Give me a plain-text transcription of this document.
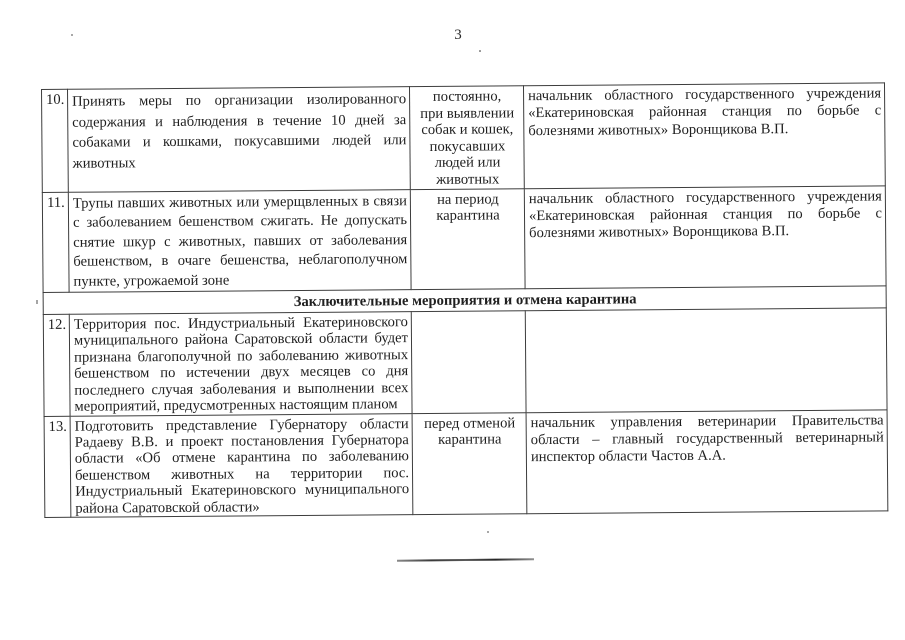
3
10.	Принять меры по организации изолированного содержания и наблюдения в течение 10 дней за собаками и кошками, покусавшими людей или животных	постоянно,
при выявлении
собак и кошек,
покусавших
людей или
животных	начальник областного государственного учреждения «Екатериновская районная станция по борьбе с болезнями животных» Воронщикова В.П.
11.	Трупы павших животных или умерщвленных в связи с заболеванием бешенством сжигать. Не допускать снятие шкур с животных, павших от заболевания бешенством, в очаге бешенства, неблагополучном пункте, угрожаемой зоне	на период
карантина	начальник областного государственного учреждения «Екатериновская районная станция по борьбе с болезнями животных» Воронщикова В.П.
Заключительные мероприятия и отмена карантина			
12.	Территория пос. Индустриальный Екатериновского муниципального района Саратовской области будет признана благополучной по заболеванию животных бешенством по истечении двух месяцев со дня последнего случая заболевания и выполнении всех мероприятий, предусмотренных настоящим планом		
13.	Подготовить представление Губернатору области Радаеву В.В. и проект постановления Губернатора области «Об отмене карантина по заболеванию бешенством животных на территории пос. Индустриальный Екатериновского муниципального района Саратовской области»	перед отменой
карантина	начальник управления ветеринарии Правительства области – главный государственный ветеринарный инспектор области Частов А.А.
